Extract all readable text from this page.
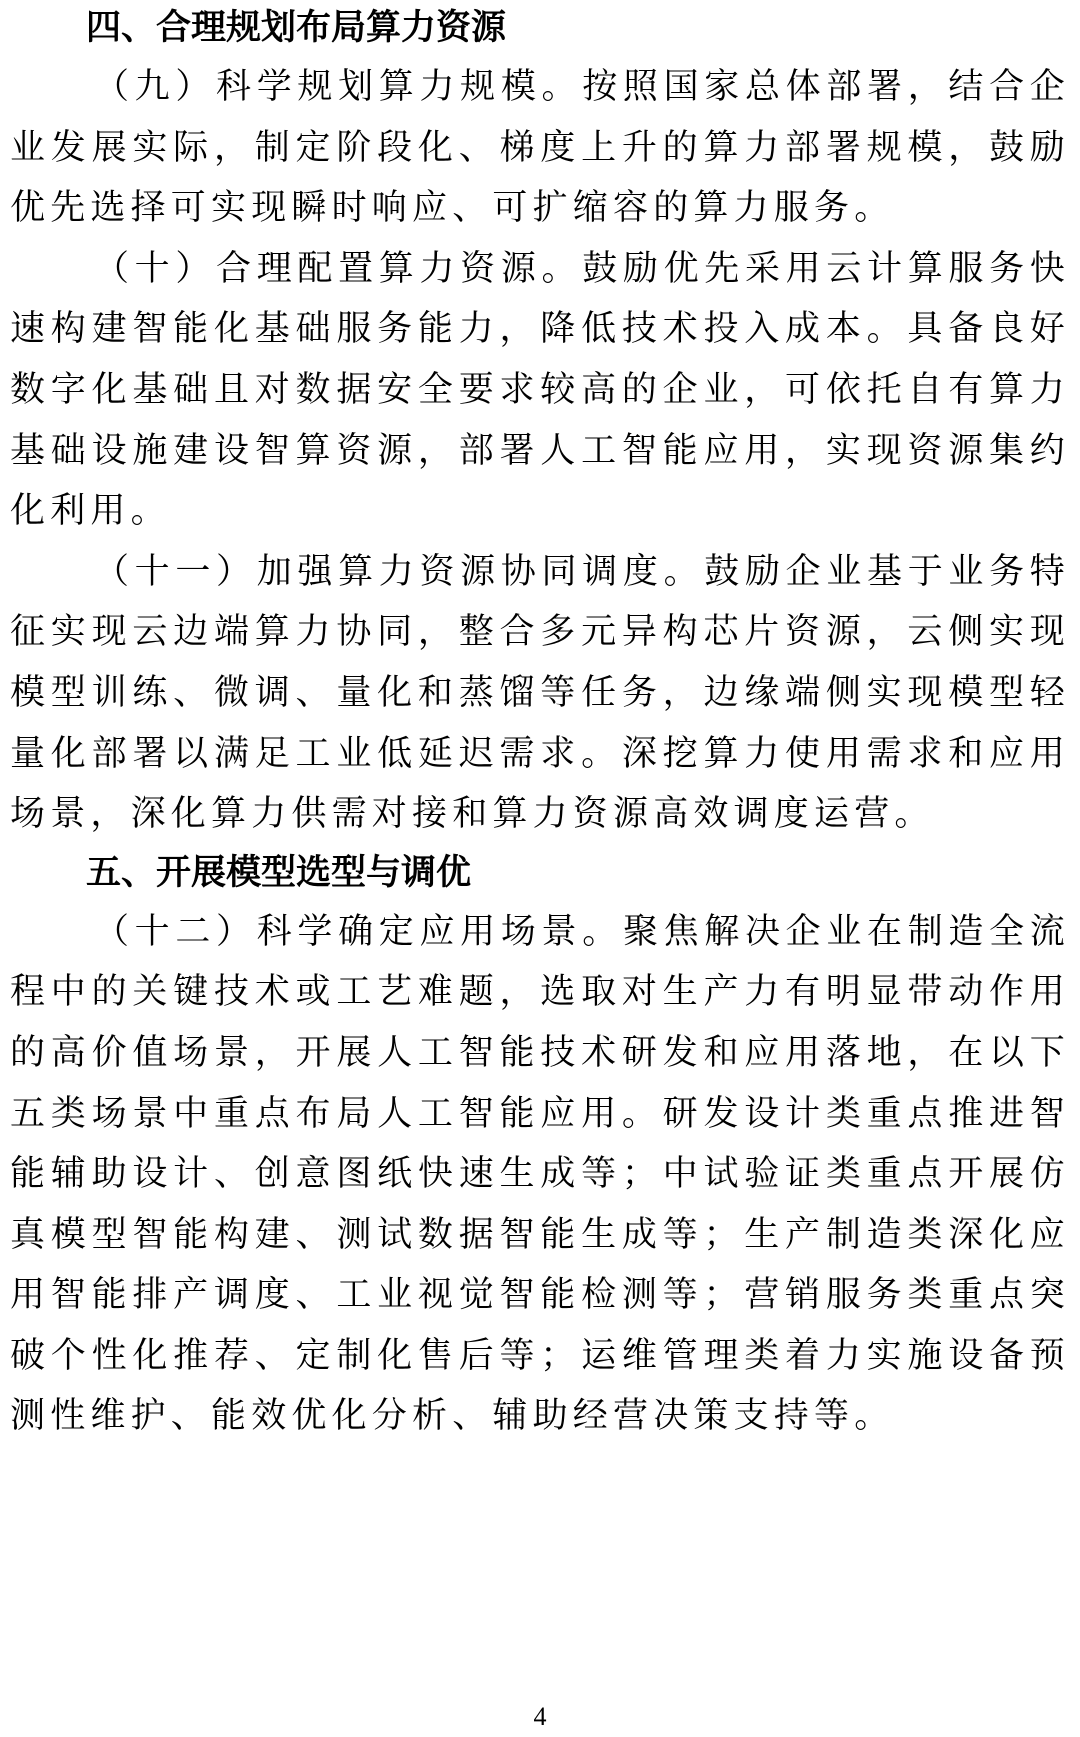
四、合理规划布局算力资源

（九）科学规划算力规模。按照国家总体部署，结合企业发展实际，制定阶段化、梯度上升的算力部署规模，鼓励优先选择可实现瞬时响应、可扩缩容的算力服务。

（十）合理配置算力资源。鼓励优先采用云计算服务快速构建智能化基础服务能力，降低技术投入成本。具备良好数字化基础且对数据安全要求较高的企业，可依托自有算力基础设施建设智算资源，部署人工智能应用，实现资源集约化利用。

（十一）加强算力资源协同调度。鼓励企业基于业务特征实现云边端算力协同，整合多元异构芯片资源，云侧实现模型训练、微调、量化和蒸馏等任务，边缘端侧实现模型轻量化部署以满足工业低延迟需求。深挖算力使用需求和应用场景，深化算力供需对接和算力资源高效调度运营。

五、开展模型选型与调优

（十二）科学确定应用场景。聚焦解决企业在制造全流程中的关键技术或工艺难题，选取对生产力有明显带动作用的高价值场景，开展人工智能技术研发和应用落地，在以下五类场景中重点布局人工智能应用。研发设计类重点推进智能辅助设计、创意图纸快速生成等；中试验证类重点开展仿真模型智能构建、测试数据智能生成等；生产制造类深化应用智能排产调度、工业视觉智能检测等；营销服务类重点突破个性化推荐、定制化售后等；运维管理类着力实施设备预测性维护、能效优化分析、辅助经营决策支持等。

4
